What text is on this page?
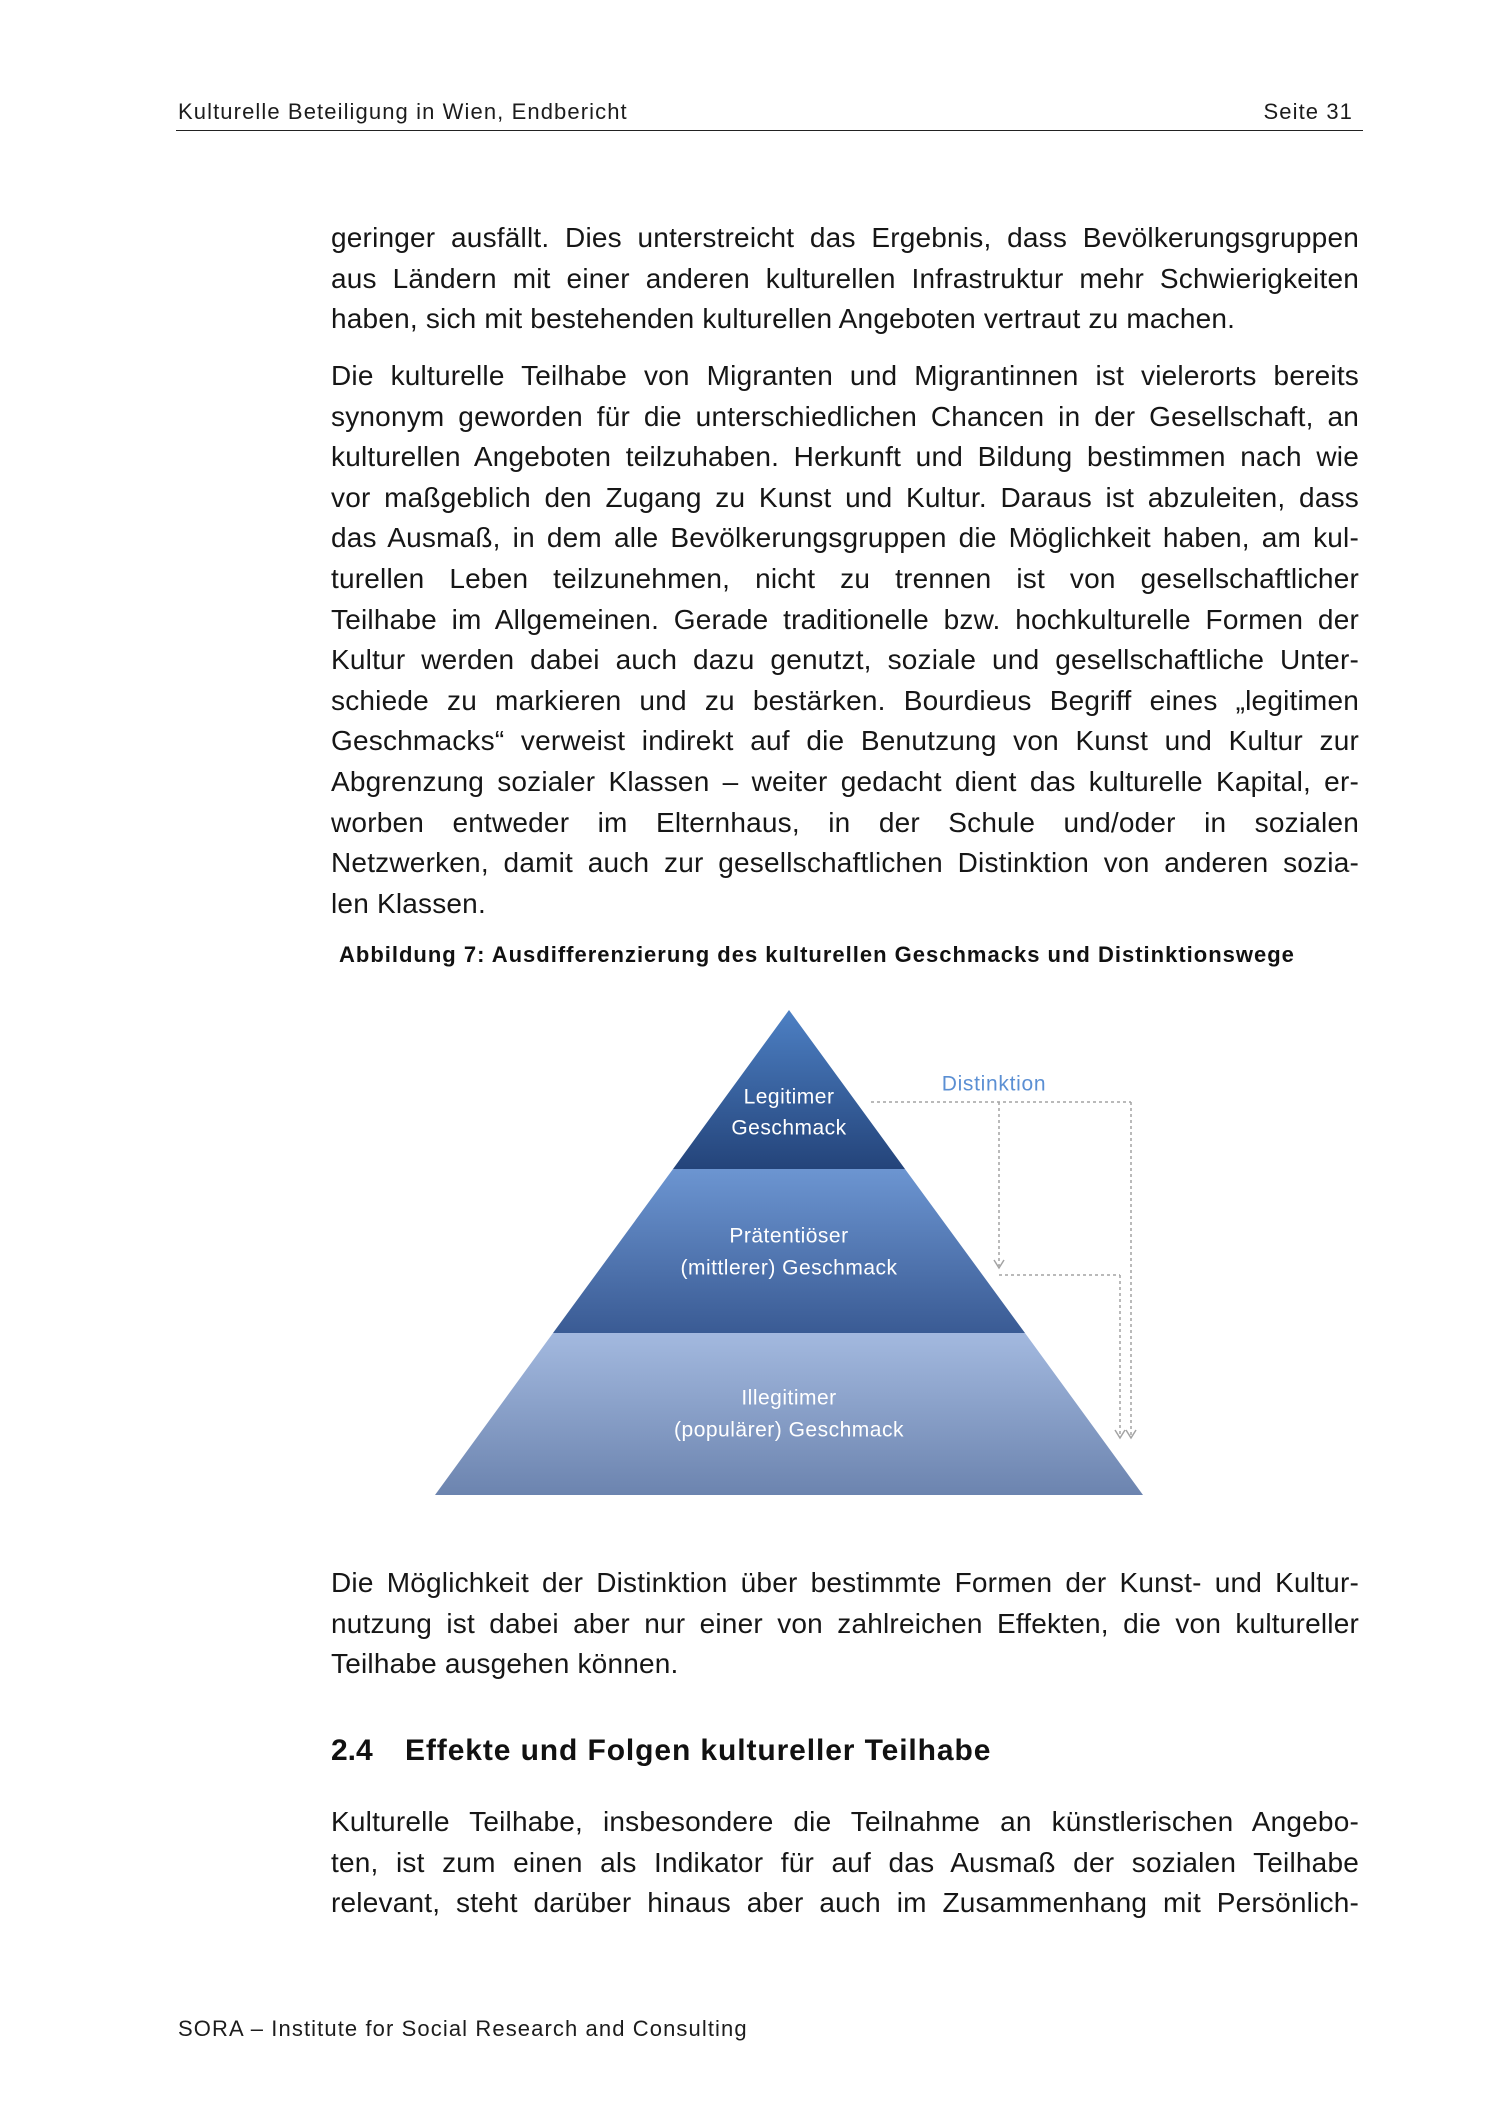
Kulturelle Beteiligung in Wien, Endbericht	Seite 31
geringer ausfällt. Dies unterstreicht das Ergebnis, dass Bevölkerungsgruppen
aus Ländern mit einer anderen kulturellen Infrastruktur mehr Schwierigkeiten
haben, sich mit bestehenden kulturellen Angeboten vertraut zu machen.
Die kulturelle Teilhabe von Migranten und Migrantinnen ist vielerorts bereits
synonym geworden für die unterschiedlichen Chancen in der Gesellschaft, an
kulturellen Angeboten teilzuhaben. Herkunft und Bildung bestimmen nach wie
vor maßgeblich den Zugang zu Kunst und Kultur. Daraus ist abzuleiten, dass
das Ausmaß, in dem alle Bevölkerungsgruppen die Möglichkeit haben, am kul-
turellen Leben teilzunehmen, nicht zu trennen ist von gesellschaftlicher
Teilhabe im Allgemeinen. Gerade traditionelle bzw. hochkulturelle Formen der
Kultur werden dabei auch dazu genutzt, soziale und gesellschaftliche Unter-
schiede zu markieren und zu bestärken. Bourdieus Begriff eines „legitimen
Geschmacks“ verweist indirekt auf die Benutzung von Kunst und Kultur zur
Abgrenzung sozialer Klassen – weiter gedacht dient das kulturelle Kapital, er-
worben entweder im Elternhaus, in der Schule und/oder in sozialen
Netzwerken, damit auch zur gesellschaftlichen Distinktion von anderen sozia-
len Klassen.
Abbildung 7: Ausdifferenzierung des kulturellen Geschmacks und Distinktionswege
Legitimer
Geschmack
Prätentiöser
(mittlerer) Geschmack
Illegitimer
(populärer) Geschmack
Distinktion
Die Möglichkeit der Distinktion über bestimmte Formen der Kunst- und Kultur-
nutzung ist dabei aber nur einer von zahlreichen Effekten, die von kultureller
Teilhabe ausgehen können.
2.4 Effekte und Folgen kultureller Teilhabe
Kulturelle Teilhabe, insbesondere die Teilnahme an künstlerischen Angebo-
ten, ist zum einen als Indikator für auf das Ausmaß der sozialen Teilhabe
relevant, steht darüber hinaus aber auch im Zusammenhang mit Persönlich-
SORA – Institute for Social Research and Consulting
